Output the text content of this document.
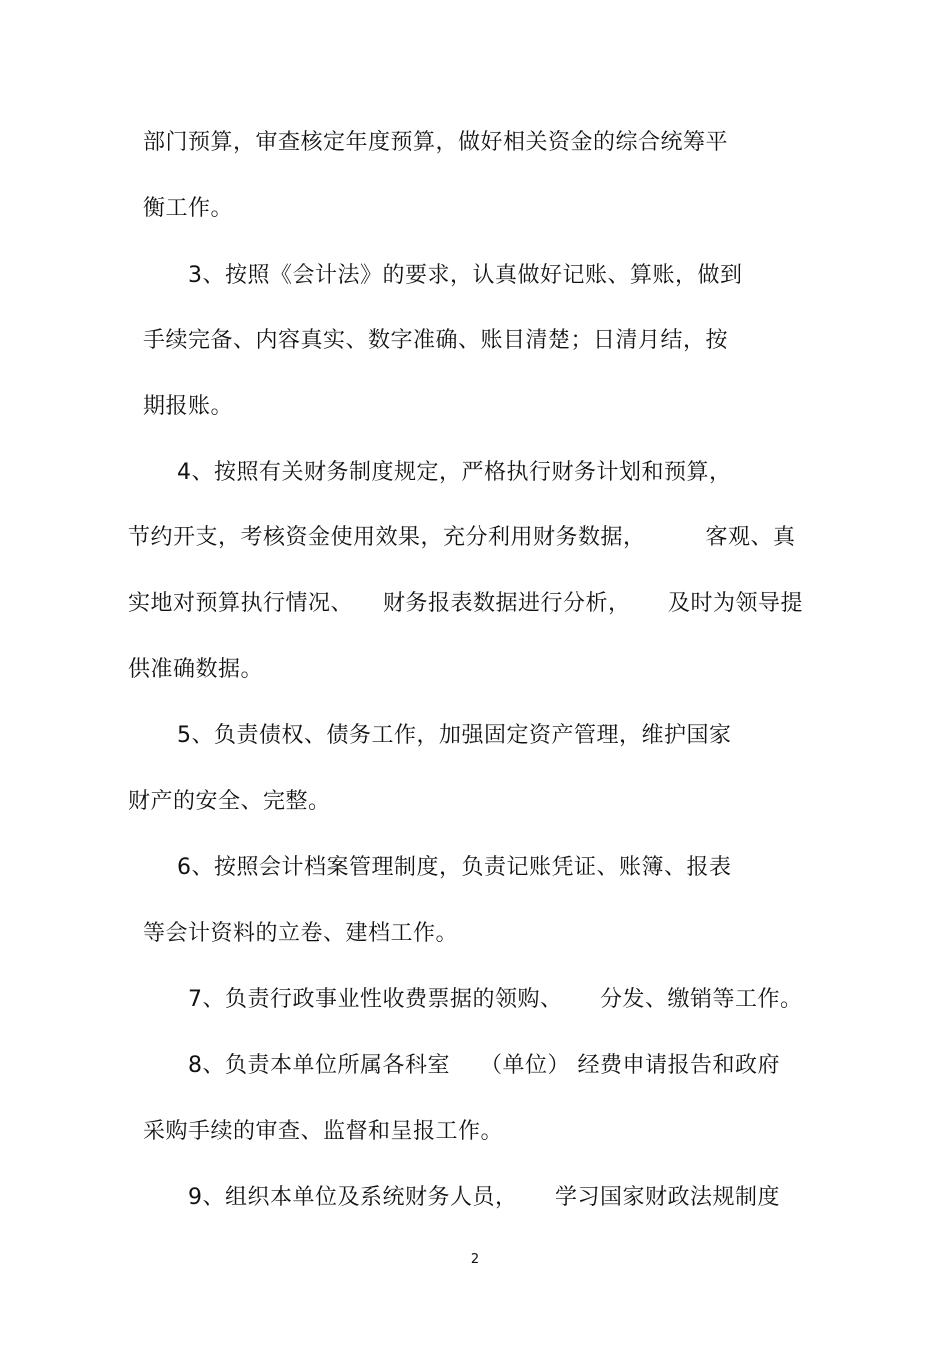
部门预算，审查核定年度预算，做好相关资金的综合统筹平
衡工作。
3、按照《会计法》的要求，认真做好记账、算账，做到
手续完备、内容真实、数字准确、账目清楚；日清月结，按
期报账。
4、按照有关财务制度规定，严格执行财务计划和预算，
节约开支，考核资金使用效果，充分利用财务数据，        客观、真
实地对预算执行情况、    财务报表数据进行分析，     及时为领导提
供准确数据。
5、负责债权、债务工作，加强固定资产管理，维护国家
财产的安全、完整。
6、按照会计档案管理制度，负责记账凭证、账簿、报表
等会计资料的立卷、建档工作。
7、负责行政事业性收费票据的领购、     分发、缴销等工作。
8、负责本单位所属各科室    （单位） 经费申请报告和政府
采购手续的审查、监督和呈报工作。
9、组织本单位及系统财务人员，     学习国家财政法规制度
2
